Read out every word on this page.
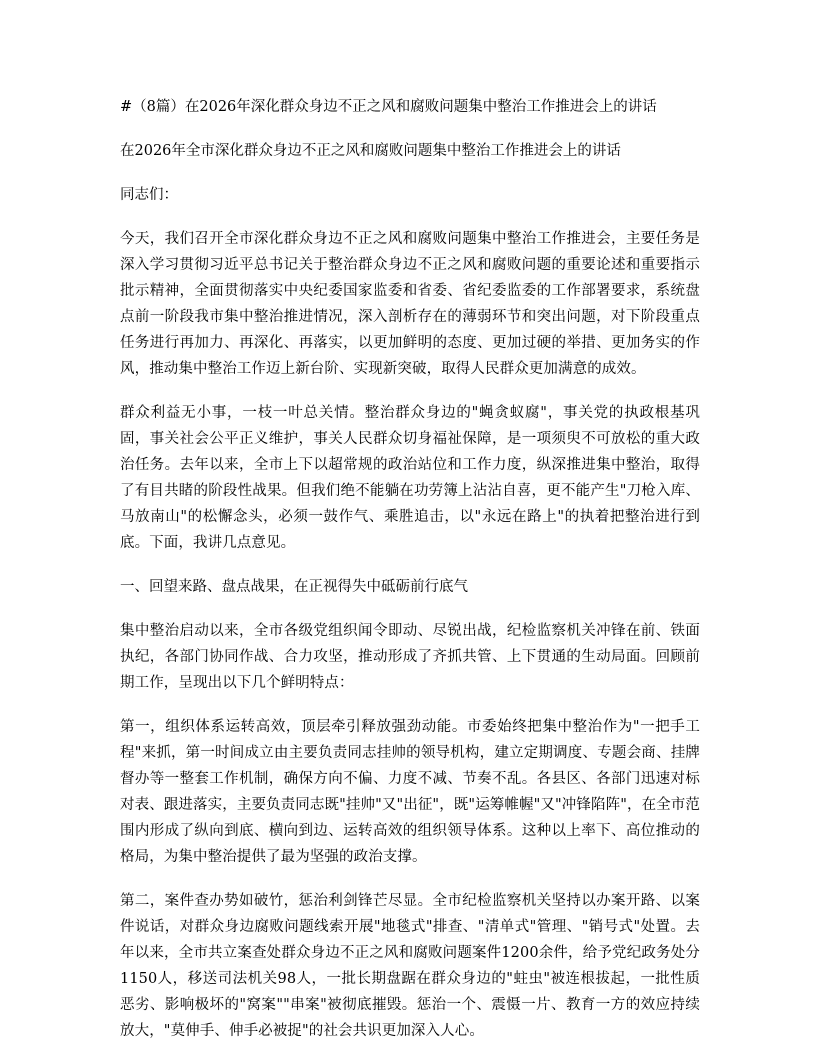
#（8篇）在2026年深化群众身边不正之风和腐败问题集中整治工作推进会上的讲话
在2026年全市深化群众身边不正之风和腐败问题集中整治工作推进会上的讲话
同志们：

今天，我们召开全市深化群众身边不正之风和腐败问题集中整治工作推进会，主要任务是深入学习贯彻习近平总书记关于整治群众身边不正之风和腐败问题的重要论述和重要指示批示精神，全面贯彻落实中央纪委国家监委和省委、省纪委监委的工作部署要求，系统盘点前一阶段我市集中整治推进情况，深入剖析存在的薄弱环节和突出问题，对下阶段重点任务进行再加力、再深化、再落实，以更加鲜明的态度、更加过硬的举措、更加务实的作风，推动集中整治工作迈上新台阶、实现新突破，取得人民群众更加满意的成效。

群众利益无小事，一枝一叶总关情。整治群众身边的"蝇贪蚁腐"，事关党的执政根基巩固，事关社会公平正义维护，事关人民群众切身福祉保障，是一项须臾不可放松的重大政治任务。去年以来，全市上下以超常规的政治站位和工作力度，纵深推进集中整治，取得了有目共睹的阶段性战果。但我们绝不能躺在功劳簿上沾沾自喜，更不能产生"刀枪入库、马放南山"的松懈念头，必须一鼓作气、乘胜追击，以"永远在路上"的执着把整治进行到底。下面，我讲几点意见。

一、回望来路、盘点战果，在正视得失中砥砺前行底气

集中整治启动以来，全市各级党组织闻令即动、尽锐出战，纪检监察机关冲锋在前、铁面执纪，各部门协同作战、合力攻坚，推动形成了齐抓共管、上下贯通的生动局面。回顾前期工作，呈现出以下几个鲜明特点：

第一，组织体系运转高效，顶层牵引释放强劲动能。市委始终把集中整治作为"一把手工程"来抓，第一时间成立由主要负责同志挂帅的领导机构，建立定期调度、专题会商、挂牌督办等一整套工作机制，确保方向不偏、力度不减、节奏不乱。各县区、各部门迅速对标对表、跟进落实，主要负责同志既"挂帅"又"出征"，既"运筹帷幄"又"冲锋陷阵"，在全市范围内形成了纵向到底、横向到边、运转高效的组织领导体系。这种以上率下、高位推动的格局，为集中整治提供了最为坚强的政治支撑。

第二，案件查办势如破竹，惩治利剑锋芒尽显。全市纪检监察机关坚持以办案开路、以案件说话，对群众身边腐败问题线索开展"地毯式"排查、"清单式"管理、"销号式"处置。去年以来，全市共立案查处群众身边不正之风和腐败问题案件1200余件，给予党纪政务处分1150人，移送司法机关98人，一批长期盘踞在群众身边的"蛀虫"被连根拔起，一批性质恶劣、影响极坏的"窝案""串案"被彻底摧毁。惩治一个、震慑一片、教育一方的效应持续放大，"莫伸手、伸手必被捉"的社会共识更加深入人心。
